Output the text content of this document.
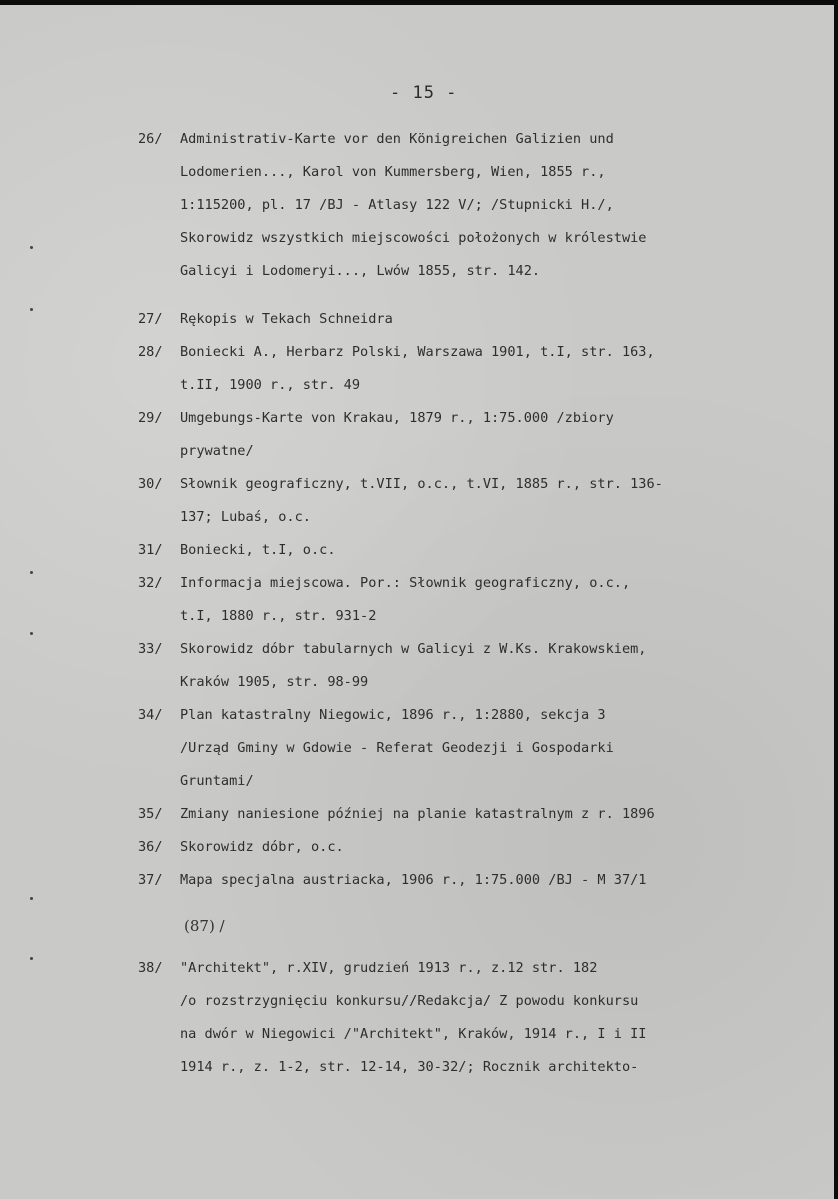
- 15 -
26/ Administrativ-Karte vor den Königreichen Galizien und
Lodomerien..., Karol von Kummersberg, Wien, 1855 r.,
1:115200, pl. 17 /BJ - Atlasy 122 V/; /Stupnicki H./,
Skorowidz wszystkich miejscowości położonych w królestwie
Galicyi i Lodomeryi..., Lwów 1855, str. 142.
27/ Rękopis w Tekach Schneidra
28/ Boniecki A., Herbarz Polski, Warszawa 1901, t.I, str. 163,
t.II, 1900 r., str. 49
29/ Umgebungs-Karte von Krakau, 1879 r., 1:75.000 /zbiory
prywatne/
30/ Słownik geograficzny, t.VII, o.c., t.VI, 1885 r., str. 136-
137; Lubaś, o.c.
31/ Boniecki, t.I, o.c.
32/ Informacja miejscowa. Por.: Słownik geograficzny, o.c.,
t.I, 1880 r., str. 931-2
33/ Skorowidz dóbr tabularnych w Galicyi z W.Ks. Krakowskiem,
Kraków 1905, str. 98-99
34/ Plan katastralny Niegowic, 1896 r., 1:2880, sekcja 3
/Urząd Gminy w Gdowie - Referat Geodezji i Gospodarki
Gruntami/
35/ Zmiany naniesione później na planie katastralnym z r. 1896
36/ Skorowidz dóbr, o.c.
37/ Mapa specjalna austriacka, 1906 r., 1:75.000 /BJ - M 37/1
38/ "Architekt", r.XIV, grudzień 1913 r., z.12 str. 182
/o rozstrzygnięciu konkursu//Redakcja/ Z powodu konkursu
na dwór w Niegowici /"Architekt", Kraków, 1914 r., I i II
1914 r., z. 1-2, str. 12-14, 30-32/; Rocznik architekto-
(87) /
